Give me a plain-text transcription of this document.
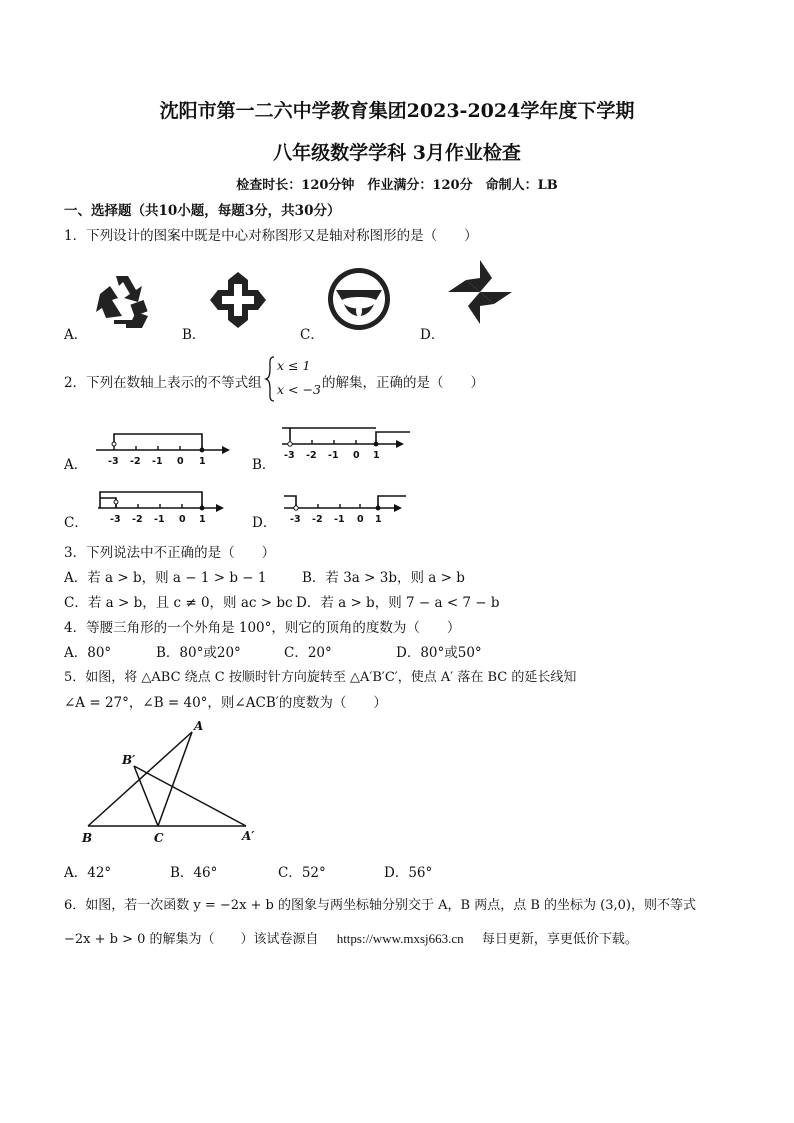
沈阳市第一二六中学教育集团2023-2024学年度下学期
八年级数学学科 3月作业检查
检查时长：120分钟　作业满分：120分　命制人：LB
一、选择题（共10小题，每题3分，共30分）
1．下列设计的图案中既是中心对称图形又是轴对称图形的是（　　）
A．	B．	C．	D．
2．下列在数轴上表示的不等式组
x ≤ 1
x < −3 的解集，正确的是（　　）
A． -3 -2 -1 0 1	B．
-3 -2 -1 0 1
C． -3 -2 -1 0 1	D． -3 -2 -1 0 1
3．下列说法中不正确的是（　　）
A．若 a > b，则 a − 1 > b − 1	B．若 3a > 3b，则 a > b
C．若 a > b，且 c ≠ 0，则 ac > bc D．若 a > b，则 7 − a < 7 − b
4．等腰三角形的一个外角是 100°，则它的顶角的度数为（　　）
A．80°	B．80°或20°	C．20°	D．80°或50°
5．如图，将 △ABC 绕点 C 按顺时针方向旋转至 △A′B′C′，使点 A′ 落在 BC 的延长线知
∠A = 27°，∠B = 40°，则∠ACB′的度数为（　　）
A
B′
B	C	A′
A．42°	B．46°	C．52°	D．56°
6．如图，若一次函数 y = −2x + b 的图象与两坐标轴分别交于 A，B 两点，点 B 的坐标为 (3,0)，则不等式
−2x + b > 0 的解集为（　　）该试卷源自 https://www.mxsj663.cn 每日更新，享更低价下载。
